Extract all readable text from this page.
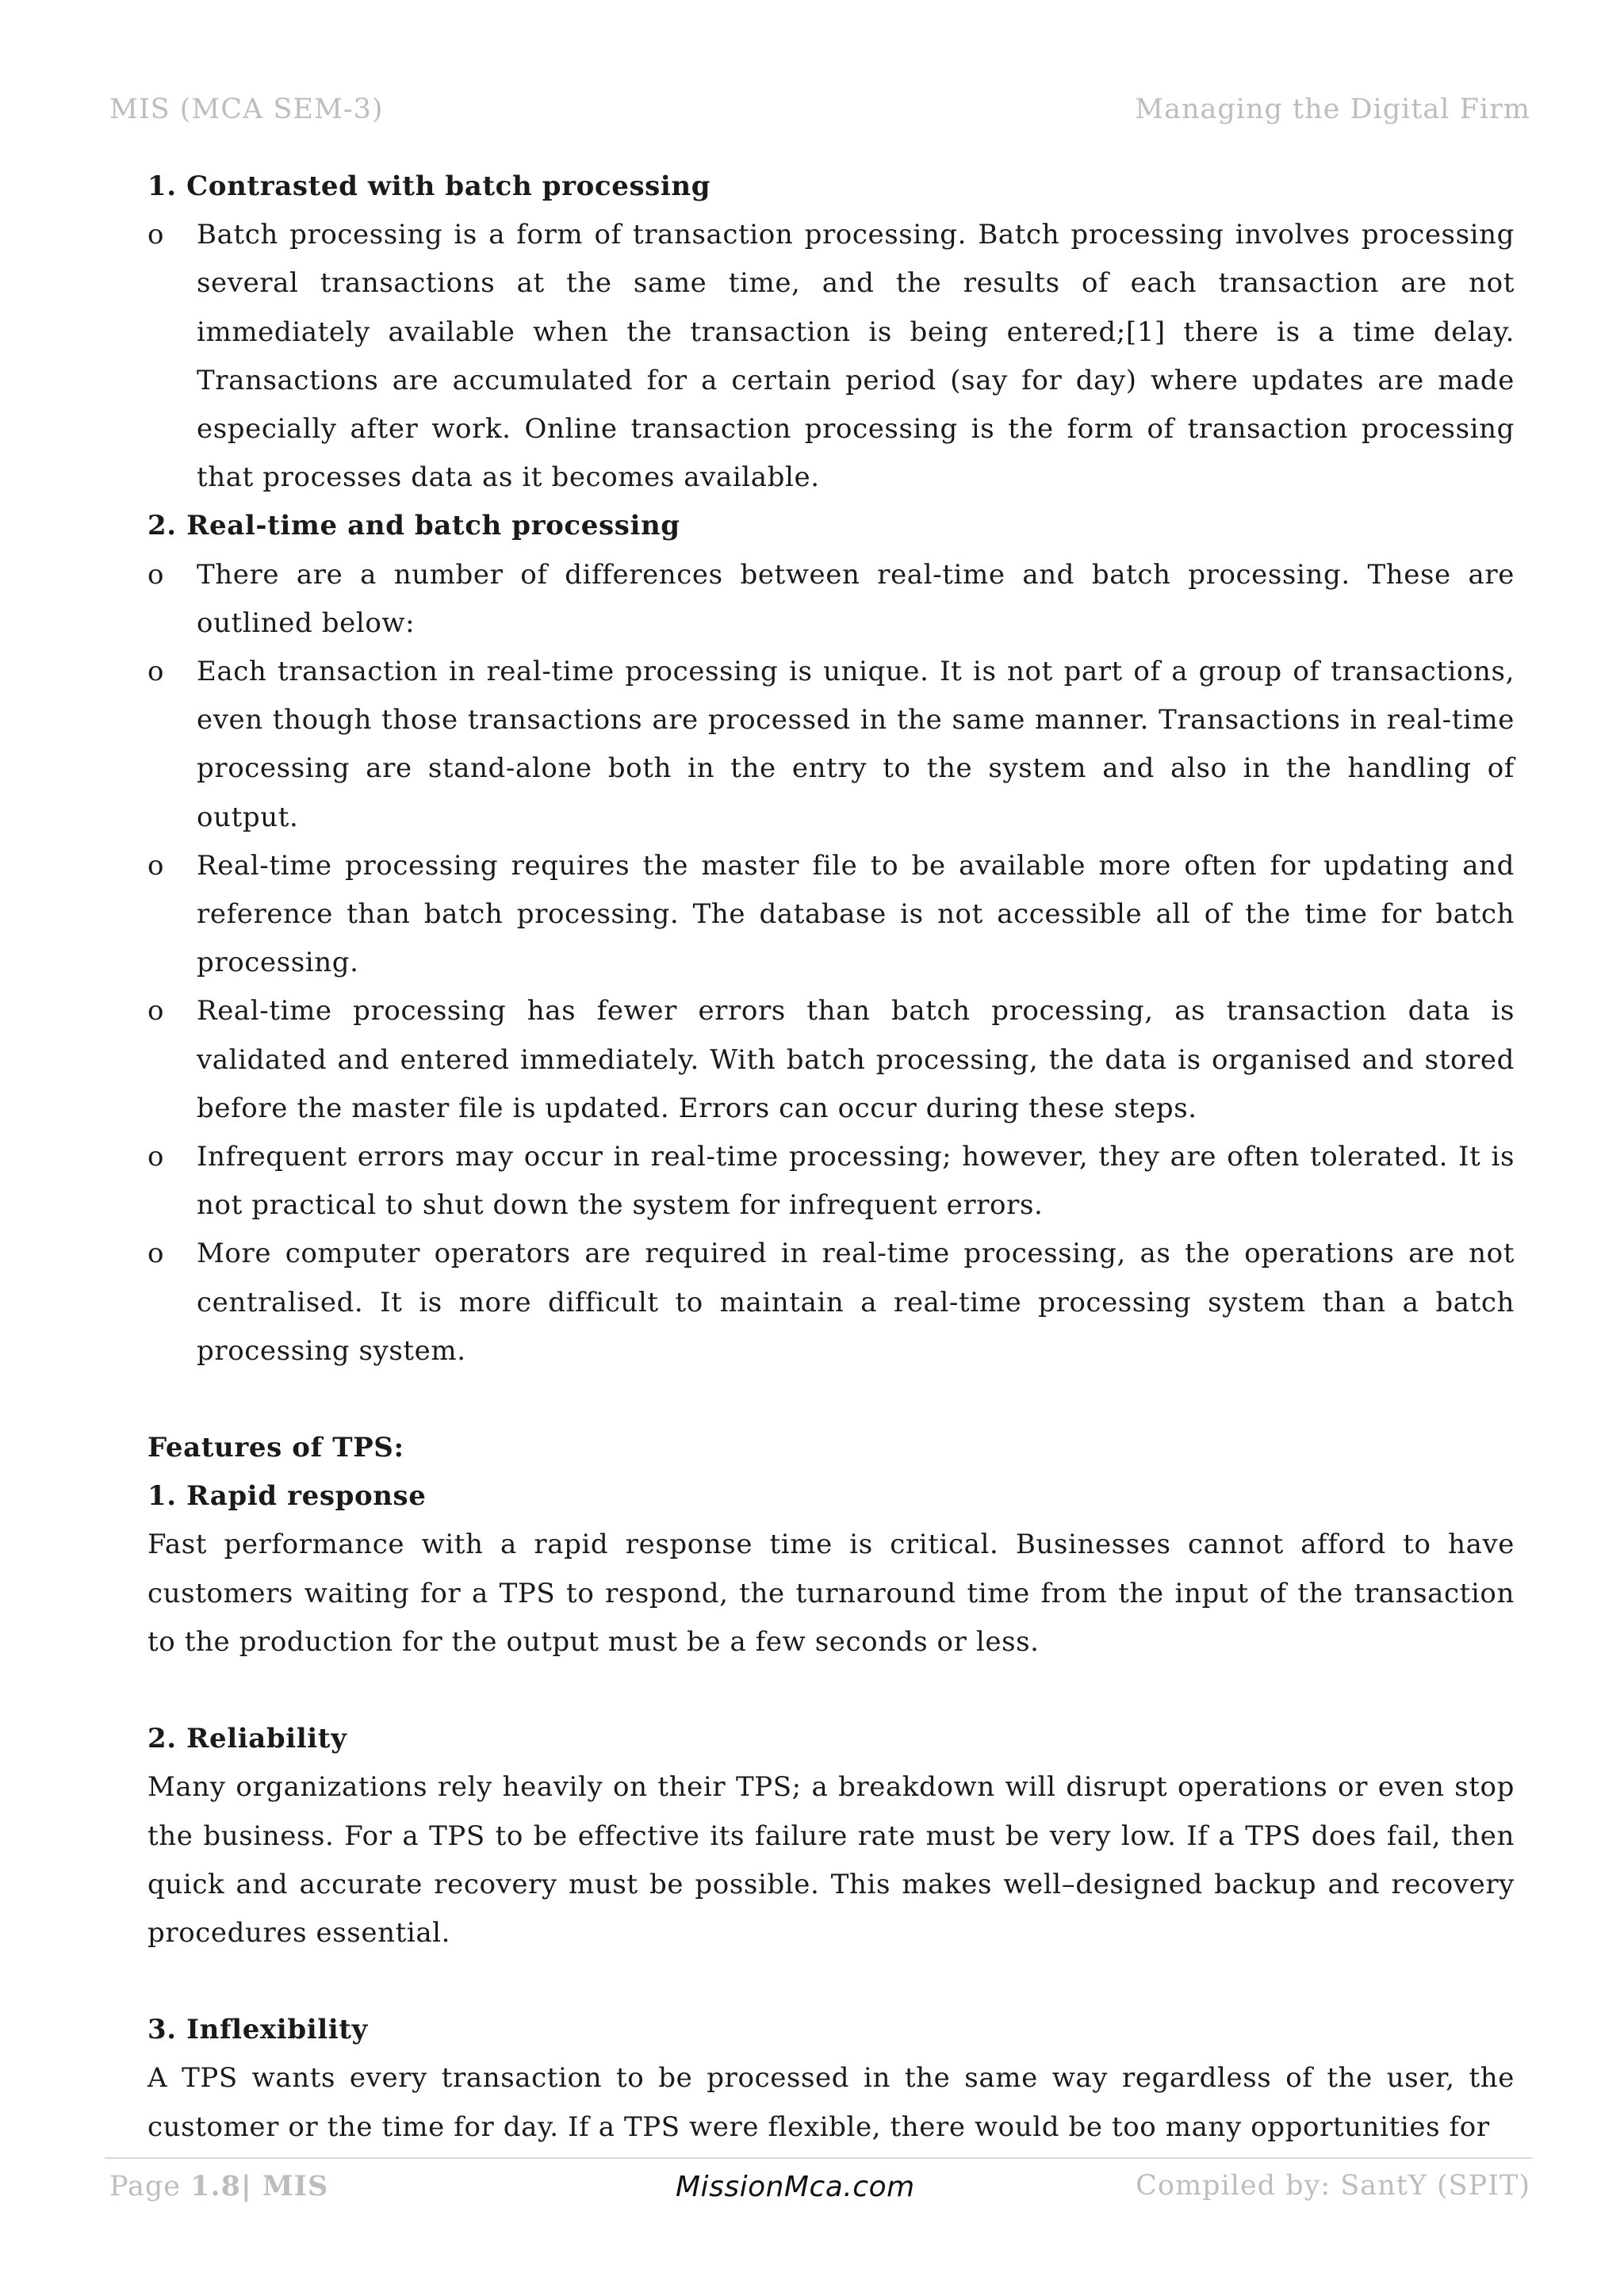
MIS (MCA SEM-3)	Managing the Digital Firm

1. Contrasted with batch processing

o	Batch processing is a form of transaction processing. Batch processing involves processing several transactions at the same time, and the results of each transaction are not immediately available when the transaction is being entered;[1] there is a time delay. Transactions are accumulated for a certain period (say for day) where updates are made especially after work. Online transaction processing is the form of transaction processing that processes data as it becomes available.

2. Real-time and batch processing

o	There are a number of differences between real-time and batch processing. These are outlined below:
o	Each transaction in real-time processing is unique. It is not part of a group of transactions, even though those transactions are processed in the same manner. Transactions in real-time processing are stand-alone both in the entry to the system and also in the handling of output.
o	Real-time processing requires the master file to be available more often for updating and reference than batch processing. The database is not accessible all of the time for batch processing.
o	Real-time processing has fewer errors than batch processing, as transaction data is validated and entered immediately. With batch processing, the data is organised and stored before the master file is updated. Errors can occur during these steps.
o	Infrequent errors may occur in real-time processing; however, they are often tolerated. It is not practical to shut down the system for infrequent errors.
o	More computer operators are required in real-time processing, as the operations are not centralised. It is more difficult to maintain a real-time processing system than a batch processing system.

Features of TPS:

1. Rapid response

Fast performance with a rapid response time is critical. Businesses cannot afford to have customers waiting for a TPS to respond, the turnaround time from the input of the transaction to the production for the output must be a few seconds or less.

2. Reliability

Many organizations rely heavily on their TPS; a breakdown will disrupt operations or even stop the business. For a TPS to be effective its failure rate must be very low. If a TPS does fail, then quick and accurate recovery must be possible. This makes well–designed backup and recovery procedures essential.

3. Inflexibility

A TPS wants every transaction to be processed in the same way regardless of the user, the customer or the time for day. If a TPS were flexible, there would be too many opportunities for

Page 1.8| MIS	MissionMca.com	Compiled by: SantY (SPIT)
